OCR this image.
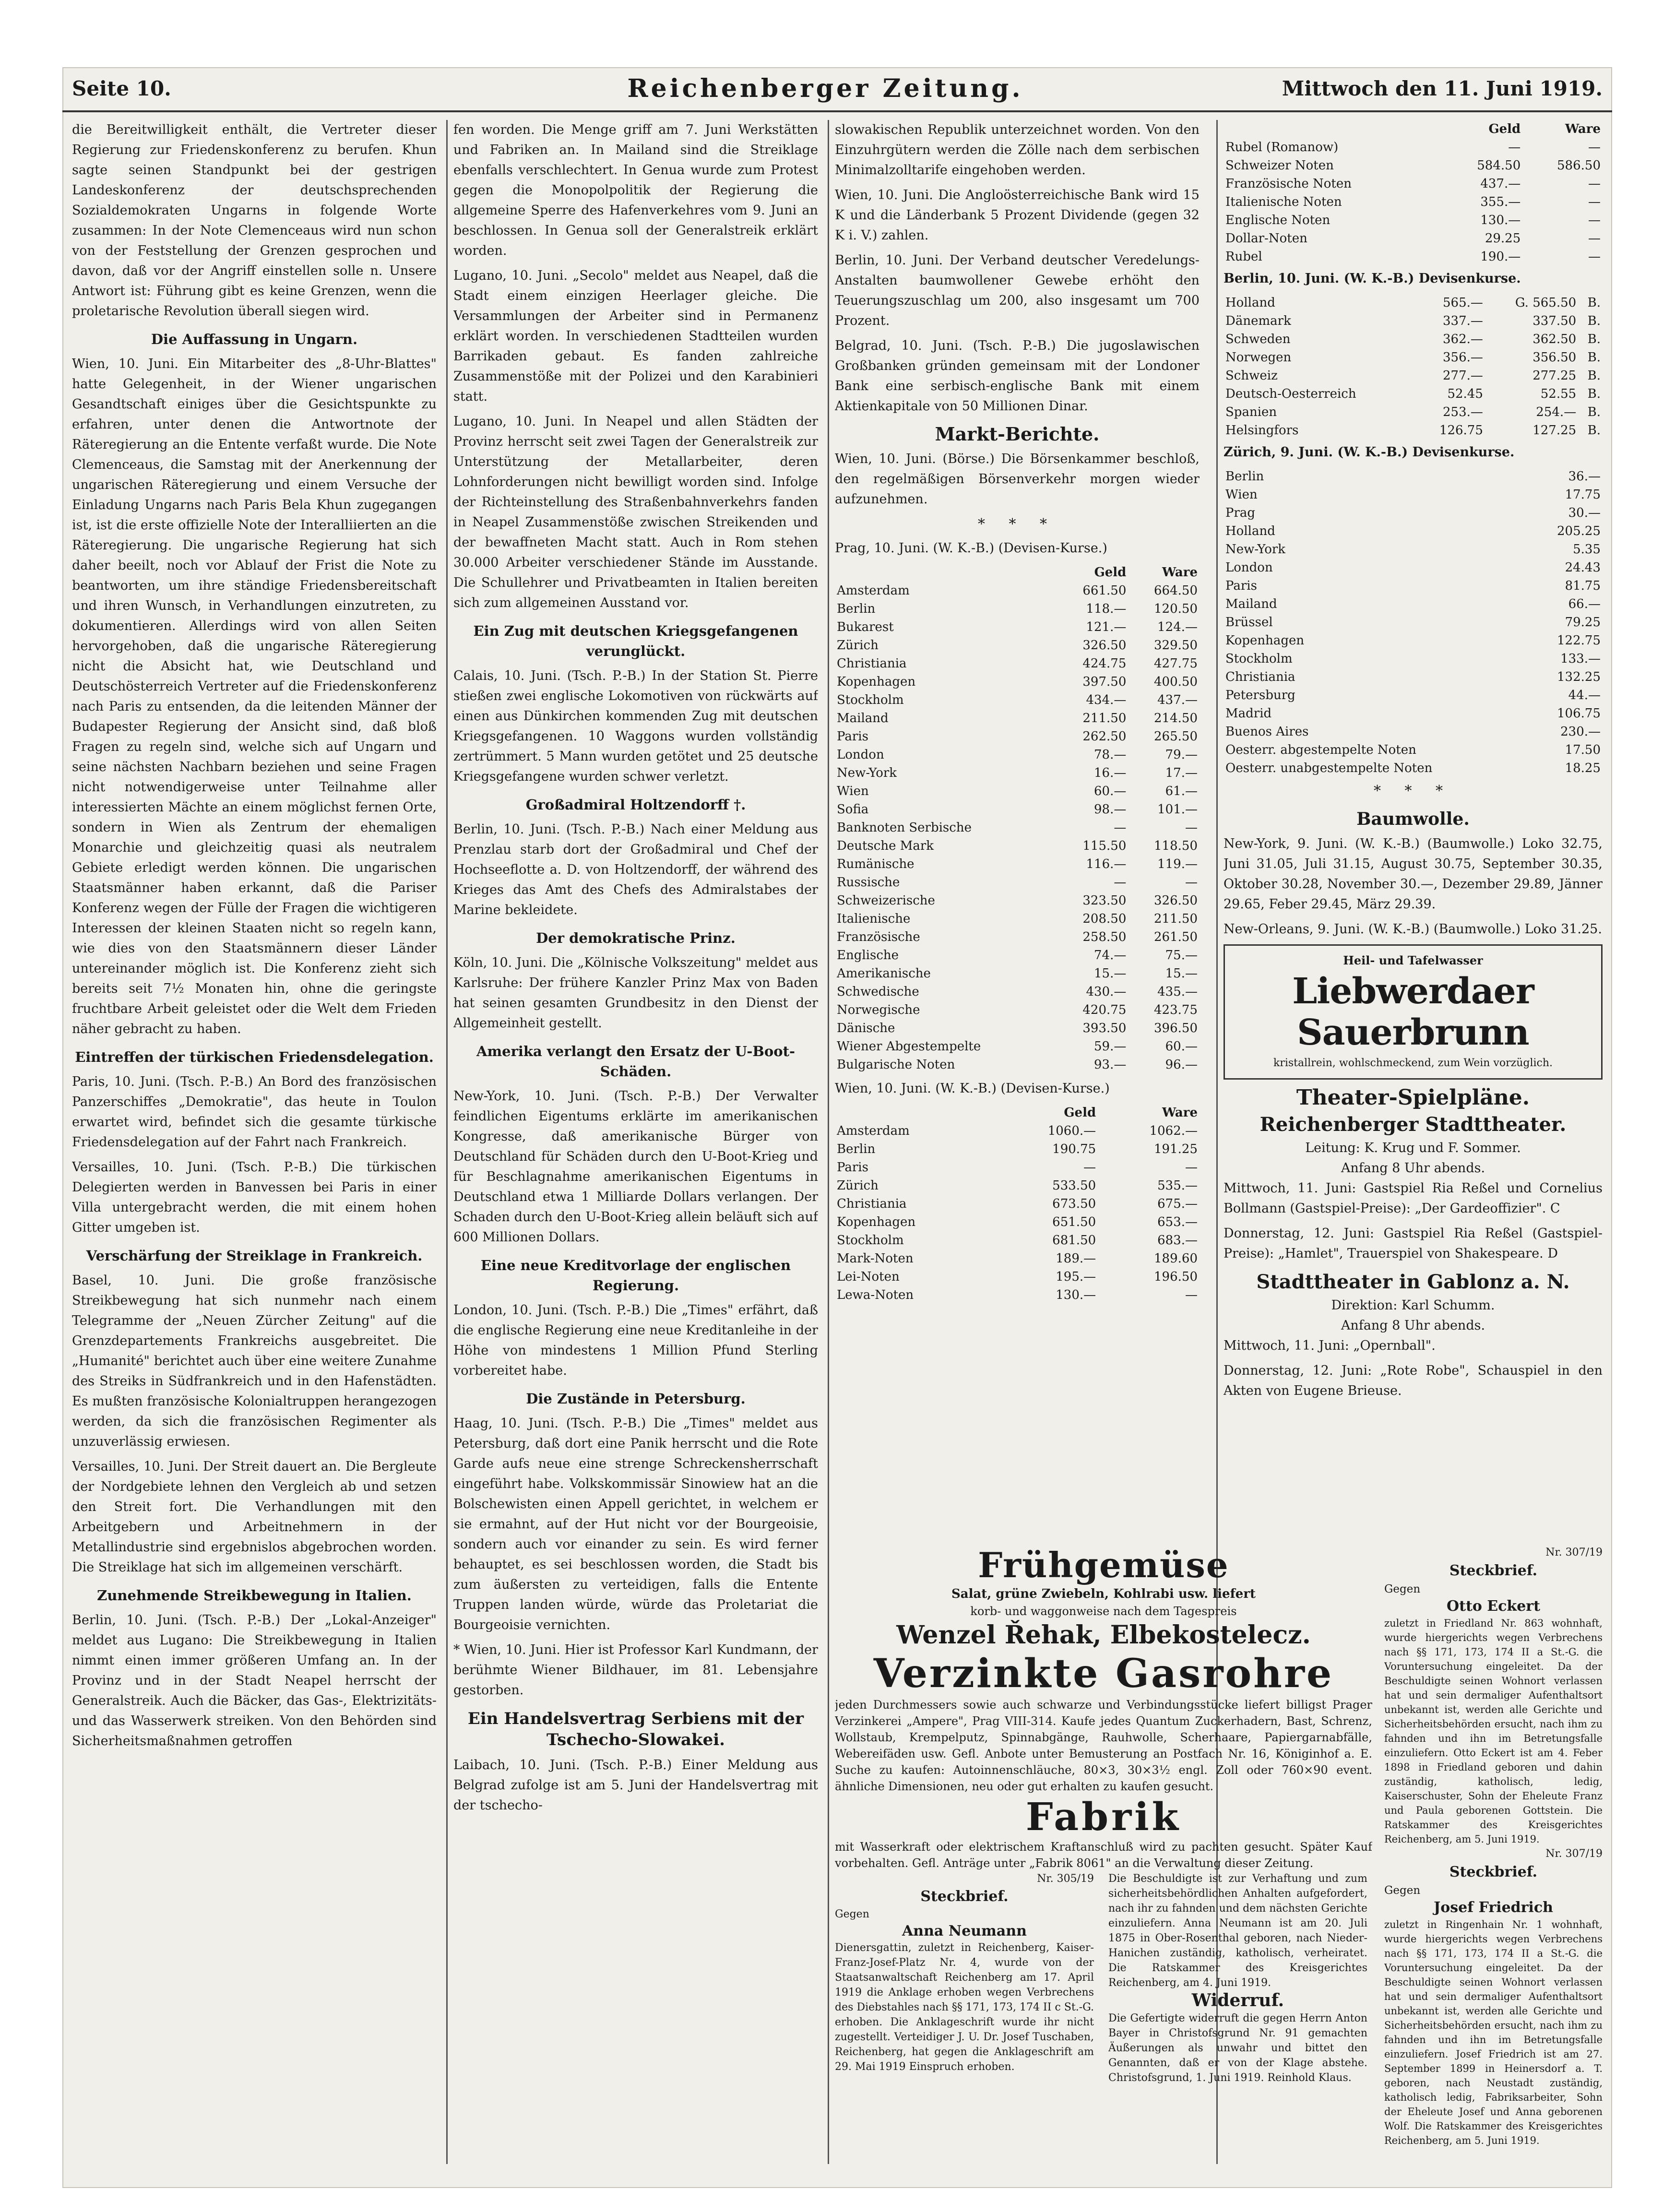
Seite 10.	Reichenberger Zeitung.	Mittwoch den 11. Juni 1919.

die Bereitwilligkeit enthält, die Vertreter dieser Regierung zur Friedenskonferenz zu berufen. Khun sagte seinen Standpunkt bei der gestrigen Landeskonferenz der deutschsprechenden Sozialdemokraten Ungarns in folgende Worte zusammen: In der Note Clemenceaus wird nun schon von der Feststellung der Grenzen gesprochen und davon, daß vor der Angriff einstellen solle n. Unsere Antwort ist: Führung gibt es keine Grenzen, wenn die proletarische Revolution überall siegen wird.

Die Auffassung in Ungarn.

Wien, 10. Juni. Ein Mitarbeiter des „8-Uhr-Blattes" hatte Gelegenheit, in der Wiener ungarischen Gesandtschaft einiges über die Gesichtspunkte zu erfahren, unter denen die Antwortnote der Räteregierung an die Entente verfaßt wurde. Die Note Clemenceaus, die Samstag mit der Anerkennung der ungarischen Räteregierung und einem Versuche der Einladung Ungarns nach Paris Bela Khun zugegangen ist, ist die erste offizielle Note der Interalliierten an die Räteregierung. Die ungarische Regierung hat sich daher beeilt, noch vor Ablauf der Frist die Note zu beantworten, um ihre ständige Friedensbereitschaft und ihren Wunsch, in Verhandlungen einzutreten, zu dokumentieren. Allerdings wird von allen Seiten hervorgehoben, daß die ungarische Räteregierung nicht die Absicht hat, wie Deutschland und Deutschösterreich Vertreter auf die Friedenskonferenz nach Paris zu entsenden, da die leitenden Männer der Budapester Regierung der Ansicht sind, daß bloß Fragen zu regeln sind, welche sich auf Ungarn und seine nächsten Nachbarn beziehen und seine Fragen nicht notwendigerweise unter Teilnahme aller interessierten Mächte an einem möglichst fernen Orte, sondern in Wien als Zentrum der ehemaligen Monarchie und gleichzeitig quasi als neutralem Gebiete erledigt werden können. Die ungarischen Staatsmänner haben erkannt, daß die Pariser Konferenz wegen der Fülle der Fragen die wichtigeren Interessen der kleinen Staaten nicht so regeln kann, wie dies von den Staatsmännern dieser Länder untereinander möglich ist. Die Konferenz zieht sich bereits seit 7½ Monaten hin, ohne die geringste fruchtbare Arbeit geleistet oder die Welt dem Frieden näher gebracht zu haben.

Eintreffen der türkischen Friedensdelegation.

Paris, 10. Juni. (Tsch. P.-B.) An Bord des französischen Panzerschiffes „Demokratie", das heute in Toulon erwartet wird, befindet sich die gesamte türkische Friedensdelegation auf der Fahrt nach Frankreich.

Versailles, 10. Juni. (Tsch. P.-B.) Die türkischen Delegierten werden in Banvessen bei Paris in einer Villa untergebracht werden, die mit einem hohen Gitter umgeben ist.

Verschärfung der Streiklage in Frankreich.

Basel, 10. Juni. Die große französische Streikbewegung hat sich nunmehr nach einem Telegramme der „Neuen Zürcher Zeitung" auf die Grenzdepartements Frankreichs ausgebreitet. Die „Humanité" berichtet auch über eine weitere Zunahme des Streiks in Südfrankreich und in den Hafenstädten. Es mußten französische Kolonialtruppen herangezogen werden, da sich die französischen Regimenter als unzuverlässig erwiesen.

Versailles, 10. Juni. Der Streit dauert an. Die Bergleute der Nordgebiete lehnen den Vergleich ab und setzen den Streit fort. Die Verhandlungen mit den Arbeitgebern und Arbeitnehmern in der Metallindustrie sind ergebnislos abgebrochen worden. Die Streiklage hat sich im allgemeinen verschärft.

Zunehmende Streikbewegung in Italien.

Berlin, 10. Juni. (Tsch. P.-B.) Der „Lokal-Anzeiger" meldet aus Lugano: Die Streikbewegung in Italien nimmt einen immer größeren Umfang an. In der Provinz und in der Stadt Neapel herrscht der Generalstreik. Auch die Bäcker, das Gas-, Elektrizitäts- und das Wasserwerk streiken. Von den Behörden sind Sicherheitsmaßnahmen getroffen

fen worden. Die Menge griff am 7. Juni Werkstätten und Fabriken an. In Mailand sind die Streiklage ebenfalls verschlechtert. In Genua wurde zum Protest gegen die Monopolpolitik der Regierung die allgemeine Sperre des Hafenverkehres vom 9. Juni an beschlossen. In Genua soll der Generalstreik erklärt worden.

Lugano, 10. Juni. „Secolo" meldet aus Neapel, daß die Stadt einem einzigen Heerlager gleiche. Die Versammlungen der Arbeiter sind in Permanenz erklärt worden. In verschiedenen Stadtteilen wurden Barrikaden gebaut. Es fanden zahlreiche Zusammenstöße mit der Polizei und den Karabinieri statt.

Lugano, 10. Juni. In Neapel und allen Städten der Provinz herrscht seit zwei Tagen der Generalstreik zur Unterstützung der Metallarbeiter, deren Lohnforderungen nicht bewilligt worden sind. Infolge der Richteinstellung des Straßenbahnverkehrs fanden in Neapel Zusammenstöße zwischen Streikenden und der bewaffneten Macht statt. Auch in Rom stehen 30.000 Arbeiter verschiedener Stände im Ausstande. Die Schullehrer und Privatbeamten in Italien bereiten sich zum allgemeinen Ausstand vor.

Ein Zug mit deutschen Kriegsgefangenen verunglückt.

Calais, 10. Juni. (Tsch. P.-B.) In der Station St. Pierre stießen zwei englische Lokomotiven von rückwärts auf einen aus Dünkirchen kommenden Zug mit deutschen Kriegsgefangenen. 10 Waggons wurden vollständig zertrümmert. 5 Mann wurden getötet und 25 deutsche Kriegsgefangene wurden schwer verletzt.

Großadmiral Holtzendorff †.

Berlin, 10. Juni. (Tsch. P.-B.) Nach einer Meldung aus Prenzlau starb dort der Großadmiral und Chef der Hochseeflotte a. D. von Holtzendorff, der während des Krieges das Amt des Chefs des Admiralstabes der Marine bekleidete.

Der demokratische Prinz.

Köln, 10. Juni. Die „Kölnische Volkszeitung" meldet aus Karlsruhe: Der frühere Kanzler Prinz Max von Baden hat seinen gesamten Grundbesitz in den Dienst der Allgemeinheit gestellt.

Amerika verlangt den Ersatz der U-Boot-Schäden.

New-York, 10. Juni. (Tsch. P.-B.) Der Verwalter feindlichen Eigentums erklärte im amerikanischen Kongresse, daß amerikanische Bürger von Deutschland für Schäden durch den U-Boot-Krieg und für Beschlagnahme amerikanischen Eigentums in Deutschland etwa 1 Milliarde Dollars verlangen. Der Schaden durch den U-Boot-Krieg allein beläuft sich auf 600 Millionen Dollars.

Eine neue Kreditvorlage der englischen Regierung.

London, 10. Juni. (Tsch. P.-B.) Die „Times" erfährt, daß die englische Regierung eine neue Kreditanleihe in der Höhe von mindestens 1 Million Pfund Sterling vorbereitet habe.

Die Zustände in Petersburg.

Haag, 10. Juni. (Tsch. P.-B.) Die „Times" meldet aus Petersburg, daß dort eine Panik herrscht und die Rote Garde aufs neue eine strenge Schreckensherrschaft eingeführt habe. Volkskommissär Sinowiew hat an die Bolschewisten einen Appell gerichtet, in welchem er sie ermahnt, auf der Hut nicht vor der Bourgeoisie, sondern auch vor einander zu sein. Es wird ferner behauptet, es sei beschlossen worden, die Stadt bis zum äußersten zu verteidigen, falls die Entente Truppen landen würde, würde das Proletariat die Bourgeoisie vernichten.

* Wien, 10. Juni. Hier ist Professor Karl Kundmann, der berühmte Wiener Bildhauer, im 81. Lebensjahre gestorben.

Ein Handelsvertrag Serbiens mit der Tschecho-Slowakei.

Laibach, 10. Juni. (Tsch. P.-B.) Einer Meldung aus Belgrad zufolge ist am 5. Juni der Handelsvertrag mit der tschecho-

slowakischen Republik unterzeichnet worden. Von den Einzuhrgütern werden die Zölle nach dem serbischen Minimalzolltarife eingehoben werden.

Wien, 10. Juni. Die Angloösterreichische Bank wird 15 K und die Länderbank 5 Prozent Dividende (gegen 32 K i. V.) zahlen.

Berlin, 10. Juni. Der Verband deutscher Veredelungs-Anstalten baumwollener Gewebe erhöht den Teuerungszuschlag um 200, also insgesamt um 700 Prozent.

Belgrad, 10. Juni. (Tsch. P.-B.) Die jugoslawischen Großbanken gründen gemeinsam mit der Londoner Bank eine serbisch-englische Bank mit einem Aktienkapitale von 50 Millionen Dinar.

Markt-Berichte.

Wien, 10. Juni. (Börse.) Die Börsenkammer beschloß, den regelmäßigen Börsenverkehr morgen wieder aufzunehmen.

* * *

Prag, 10. Juni. (W. K.-B.) (Devisen-Kurse.)

	Geld	Ware
Amsterdam	661.50	664.50
Berlin	118.—	120.50
Bukarest	121.—	124.—
Zürich	326.50	329.50
Christiania	424.75	427.75
Kopenhagen	397.50	400.50
Stockholm	434.—	437.—
Mailand	211.50	214.50
Paris	262.50	265.50
London	78.—	79.—
New-York	16.—	17.—
Wien	60.—	61.—
Sofia	98.—	101.—
Banknoten Serbische	—	—
Deutsche Mark	115.50	118.50
Rumänische	116.—	119.—
Russische	—	—
Schweizerische	323.50	326.50
Italienische	208.50	211.50
Französische	258.50	261.50
Englische	74.—	75.—
Amerikanische	15.—	15.—
Schwedische	430.—	435.—
Norwegische	420.75	423.75
Dänische	393.50	396.50
Wiener Abgestempelte	59.—	60.—
Bulgarische Noten	93.—	96.—

Wien, 10. Juni. (W. K.-B.) (Devisen-Kurse.)

	Geld	Ware
Amsterdam	1060.—	1062.—
Berlin	190.75	191.25
Paris	—	—
Zürich	533.50	535.—
Christiania	673.50	675.—
Kopenhagen	651.50	653.—
Stockholm	681.50	683.—
Mark-Noten	189.—	189.60
Lei-Noten	195.—	196.50
Lewa-Noten	130.—	—
	Geld	Ware
Rubel (Romanow)	—	—
Schweizer Noten	584.50	586.50
Französische Noten	437.—	—
Italienische Noten	355.—	—
Englische Noten	130.—	—
Dollar-Noten	29.25	—
Rubel	190.—	—

Berlin, 10. Juni. (W. K.-B.) Devisenkurse.

Holland	565.—	G. 565.50	B.
Dänemark	337.—	337.50	B.
Schweden	362.—	362.50	B.
Norwegen	356.—	356.50	B.
Schweiz	277.—	277.25	B.
Deutsch-Oesterreich	52.45	52.55	B.
Spanien	253.—	254.—	B.
Helsingfors	126.75	127.25	B.

Zürich, 9. Juni. (W. K.-B.) Devisenkurse.

Berlin	36.—
Wien	17.75
Prag	30.—
Holland	205.25
New-York	5.35
London	24.43
Paris	81.75
Mailand	66.—
Brüssel	79.25
Kopenhagen	122.75
Stockholm	133.—
Christiania	132.25
Petersburg	44.—
Madrid	106.75
Buenos Aires	230.—
Oesterr. abgestempelte Noten	17.50
Oesterr. unabgestempelte Noten	18.25
* * *
Baumwolle.

New-York, 9. Juni. (W. K.-B.) (Baumwolle.) Loko 32.75, Juni 31.05, Juli 31.15, August 30.75, September 30.35, Oktober 30.28, November 30.—, Dezember 29.89, Jänner 29.65, Feber 29.45, März 29.39.

New-Orleans, 9. Juni. (W. K.-B.) (Baumwolle.) Loko 31.25.

Heil- und Tafelwasser
Liebwerdaer Sauerbrunn
kristallrein, wohlschmeckend, zum Wein vorzüglich.
Theater-Spielpläne.
Reichenberger Stadttheater.
Leitung: K. Krug und F. Sommer.
Anfang 8 Uhr abends.

Mittwoch, 11. Juni: Gastspiel Ria Reßel und Cornelius Bollmann (Gastspiel-Preise): „Der Gardeoffizier". C

Donnerstag, 12. Juni: Gastspiel Ria Reßel (Gastspiel-Preise): „Hamlet", Trauerspiel von Shakespeare. D

Stadttheater in Gablonz a. N.
Direktion: Karl Schumm.
Anfang 8 Uhr abends.

Mittwoch, 11. Juni: „Opernball".

Donnerstag, 12. Juni: „Rote Robe", Schauspiel in den Akten von Eugene Brieuse.

Frühgemüse
Salat, grüne Zwiebeln, Kohlrabi usw. liefert
korb- und waggonweise nach dem Tagespreis
Wenzel Řehak, Elbekostelecz.
Verzinkte Gasrohre

jeden Durchmessers sowie auch schwarze und Verbindungsstücke liefert billigst Prager Verzinkerei „Ampere", Prag VIII-314. Kaufe jedes Quantum Zuckerhadern, Bast, Schrenz, Wollstaub, Krempelputz, Spinnabgänge, Rauhwolle, Scherhaare, Papiergarnabfälle, Webereifäden usw. Gefl. Anbote unter Bemusterung an Postfach Nr. 16, Königinhof a. E. Suche zu kaufen: Autoinnenschläuche, 80×3, 30×3½ engl. Zoll oder 760×90 event. ähnliche Dimensionen, neu oder gut erhalten zu kaufen gesucht.

Fabrik

mit Wasserkraft oder elektrischem Kraftanschluß wird zu pachten gesucht. Später Kauf vorbehalten. Gefl. Anträge unter „Fabrik 8061" an die Verwaltung dieser Zeitung.

Nr. 305/19
Steckbrief.
Gegen
Anna Neumann

Dienersgattin, zuletzt in Reichenberg, Kaiser-Franz-Josef-Platz Nr. 4, wurde von der Staatsanwaltschaft Reichenberg am 17. April 1919 die Anklage erhoben wegen Verbrechens des Diebstahles nach §§ 171, 173, 174 II c St.-G. erhoben. Die Anklageschrift wurde ihr nicht zugestellt. Verteidiger J. U. Dr. Josef Tuschaben, Reichenberg, hat gegen die Anklageschrift am 29. Mai 1919 Einspruch erhoben.

Die Beschuldigte ist zur Verhaftung und zum sicherheitsbehördlichen Anhalten aufgefordert, nach ihr zu fahnden und dem nächsten Gerichte einzuliefern. Anna Neumann ist am 20. Juli 1875 in Ober-Rosenthal geboren, nach Nieder-Hanichen zuständig, katholisch, verheiratet. Die Ratskammer des Kreisgerichtes Reichenberg, am 4. Juni 1919.

Widerruf.

Die Gefertigte widerruft die gegen Herrn Anton Bayer in Christofsgrund Nr. 91 gemachten Äußerungen als unwahr und bittet den Genannten, daß er von der Klage abstehe. Christofsgrund, 1. Juni 1919. Reinhold Klaus.

Nr. 307/19
Steckbrief.
Gegen
Otto Eckert

zuletzt in Friedland Nr. 863 wohnhaft, wurde hiergerichts wegen Verbrechens nach §§ 171, 173, 174 II a St.-G. die Voruntersuchung eingeleitet. Da der Beschuldigte seinen Wohnort verlassen hat und sein dermaliger Aufenthaltsort unbekannt ist, werden alle Gerichte und Sicherheitsbehörden ersucht, nach ihm zu fahnden und ihn im Betretungsfalle einzuliefern. Otto Eckert ist am 4. Feber 1898 in Friedland geboren und dahin zuständig, katholisch, ledig, Kaiserschuster, Sohn der Eheleute Franz und Paula geborenen Gottstein. Die Ratskammer des Kreisgerichtes Reichenberg, am 5. Juni 1919.

Nr. 307/19
Steckbrief.
Gegen
Josef Friedrich

zuletzt in Ringenhain Nr. 1 wohnhaft, wurde hiergerichts wegen Verbrechens nach §§ 171, 173, 174 II a St.-G. die Voruntersuchung eingeleitet. Da der Beschuldigte seinen Wohnort verlassen hat und sein dermaliger Aufenthaltsort unbekannt ist, werden alle Gerichte und Sicherheitsbehörden ersucht, nach ihm zu fahnden und ihn im Betretungsfalle einzuliefern. Josef Friedrich ist am 27. September 1899 in Heinersdorf a. T. geboren, nach Neustadt zuständig, katholisch ledig, Fabriksarbeiter, Sohn der Eheleute Josef und Anna geborenen Wolf. Die Ratskammer des Kreisgerichtes Reichenberg, am 5. Juni 1919.
